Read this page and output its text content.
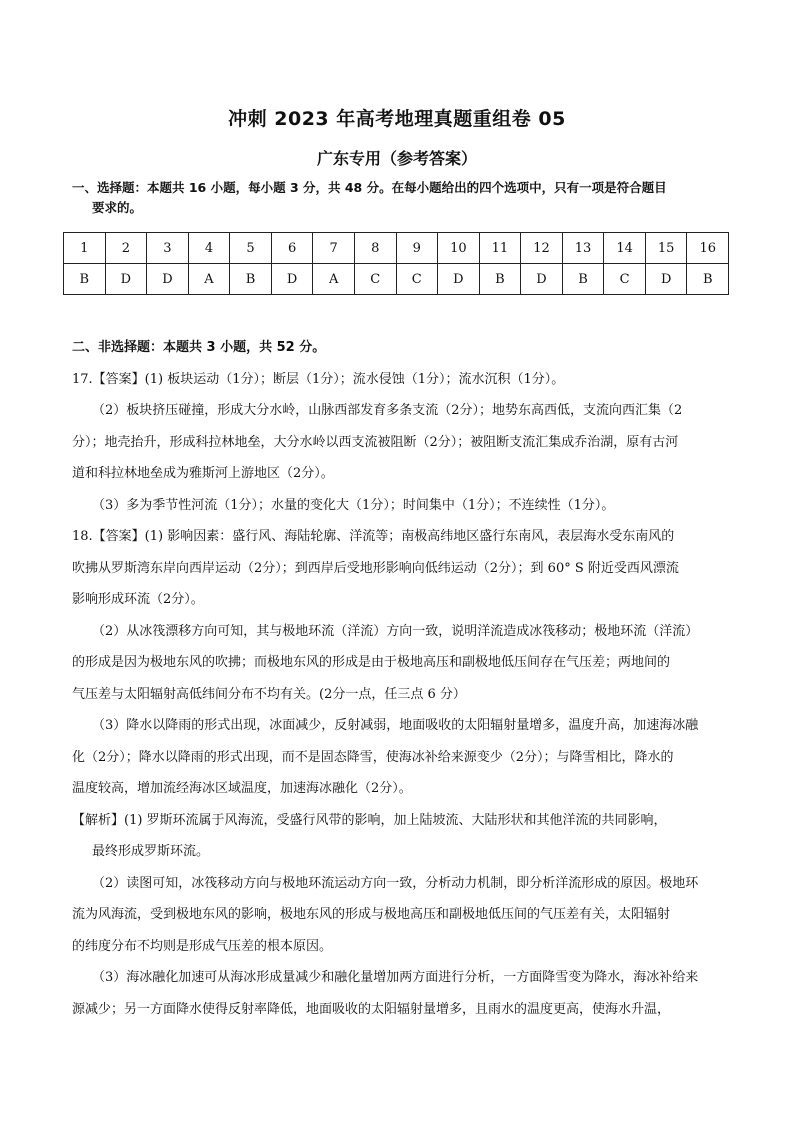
冲刺 2023 年高考地理真题重组卷 05
广东专用（参考答案）
一、选择题：本题共 16 小题，每小题 3 分，共 48 分。在每小题给出的四个选项中，只有一项是符合题目
要求的。
1	2	3	4	5	6	7	8	9	10	11	12	13	14	15	16
B	D	D	A	B	D	A	C	C	D	B	D	B	C	D	B

二、非选择题：本题共 3 小题，共 52 分。

17.【答案】(1) 板块运动（1分）；断层（1分）；流水侵蚀（1分）；流水沉积（1分）。

（2）板块挤压碰撞，形成大分水岭，山脉西部发育多条支流（2分）；地势东高西低，支流向西汇集（2

分）；地壳抬升，形成科拉林地垒，大分水岭以西支流被阻断（2分）；被阻断支流汇集成乔治湖，原有古河

道和科拉林地垒成为雅斯河上游地区（2分）。

（3）多为季节性河流（1分）；水量的变化大（1分）；时间集中（1分）；不连续性（1分）。

18.【答案】(1) 影响因素：盛行风、海陆轮廓、洋流等；南极高纬地区盛行东南风，表层海水受东南风的

吹拂从罗斯湾东岸向西岸运动（2分）；到西岸后受地形影响向低纬运动（2分）；到 60° S 附近受西风漂流

影响形成环流（2分）。

（2）从冰筏漂移方向可知，其与极地环流（洋流）方向一致，说明洋流造成冰筏移动；极地环流（洋流）

的形成是因为极地东风的吹拂；而极地东风的形成是由于极地高压和副极地低压间存在气压差；两地间的

气压差与太阳辐射高低纬间分布不均有关。(2分一点，任三点 6 分）

（3）降水以降雨的形式出现，冰面减少，反射减弱，地面吸收的太阳辐射量增多，温度升高，加速海冰融

化（2分）；降水以降雨的形式出现，而不是固态降雪，使海冰补给来源变少（2分）；与降雪相比，降水的

温度较高，增加流经海冰区域温度，加速海冰融化（2分）。

【解析】(1) 罗斯环流属于风海流，受盛行风带的影响，加上陆坡流、大陆形状和其他洋流的共同影响，

最终形成罗斯环流。

（2）读图可知，冰筏移动方向与极地环流运动方向一致，分析动力机制，即分析洋流形成的原因。极地环

流为风海流，受到极地东风的影响，极地东风的形成与极地高压和副极地低压间的气压差有关，太阳辐射

的纬度分布不均则是形成气压差的根本原因。

（3）海冰融化加速可从海冰形成量减少和融化量增加两方面进行分析，一方面降雪变为降水，海冰补给来

源减少；另一方面降水使得反射率降低，地面吸收的太阳辐射量增多，且雨水的温度更高，使海水升温，
